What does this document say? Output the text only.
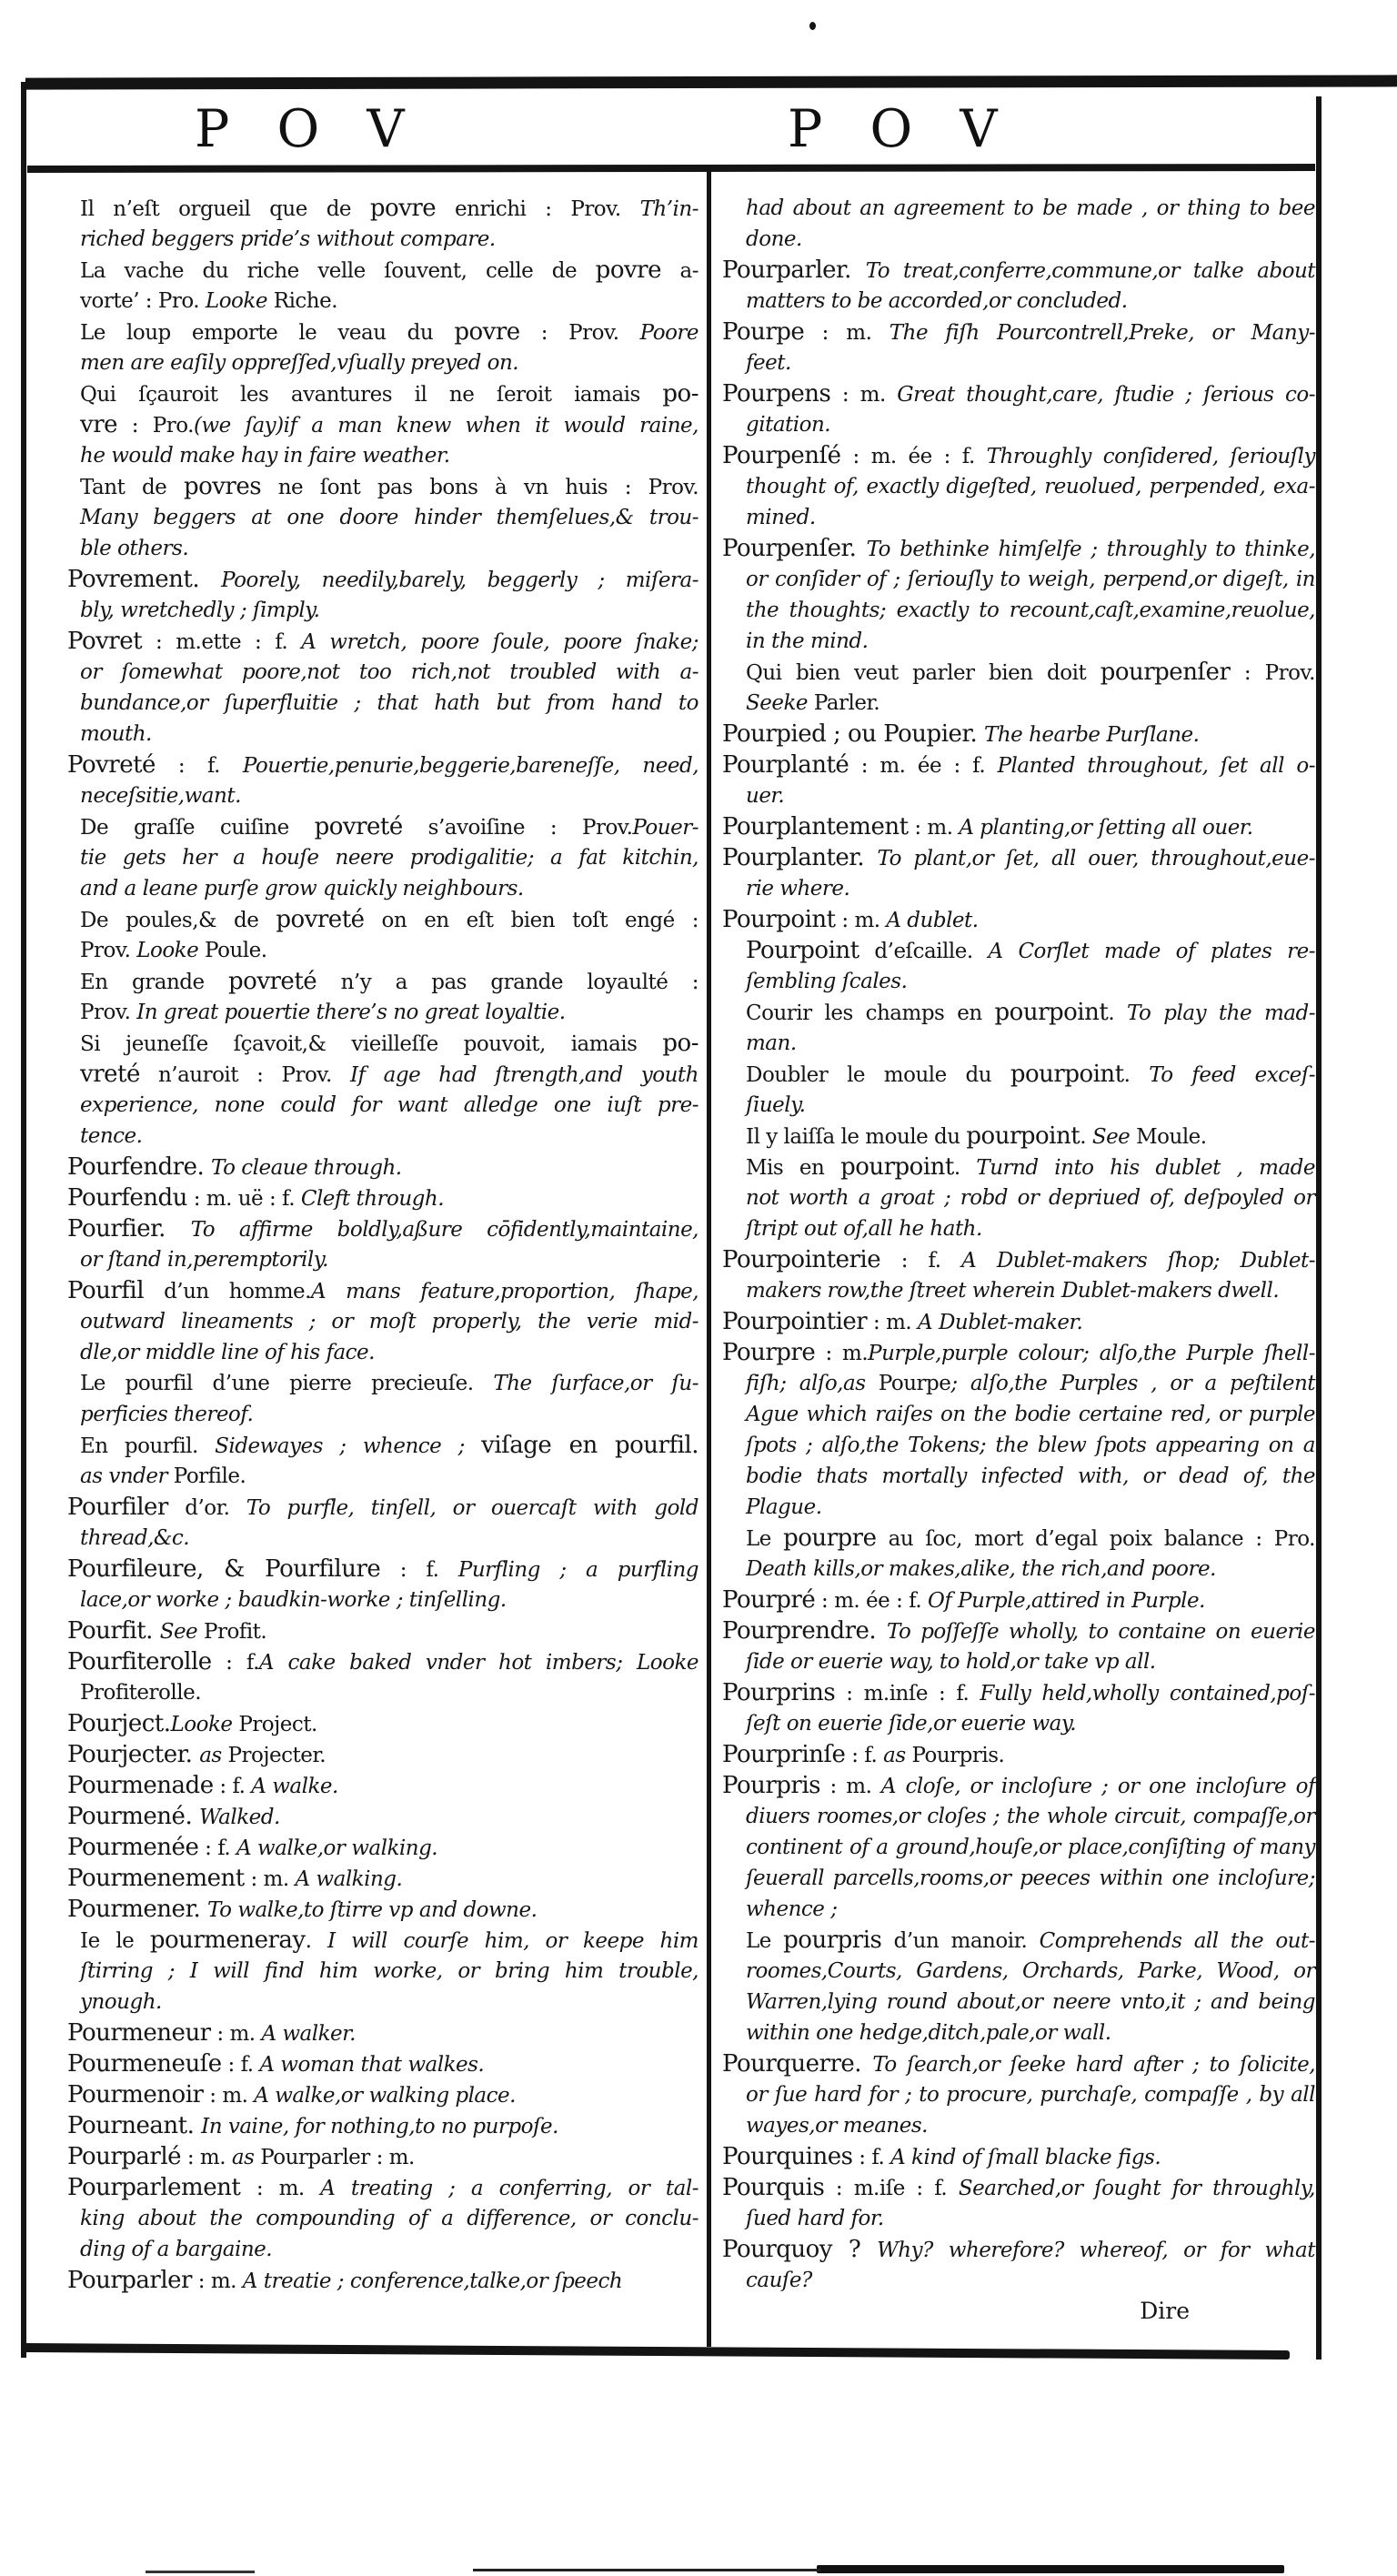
P O V	P O V
Il n’eſt orgueil que de povre enrichi : Prov. Th’in-
riched beggers pride’s without compare.
La vache du riche velle ſouvent, celle de povre a-
vorte’ : Pro. Looke Riche.
Le loup emporte le veau du povre : Prov. Poore
men are eaſily oppreſſed,vſually preyed on.
Qui ſçauroit les avantures il ne ſeroit iamais po-
vre : Pro.(we ſay)if a man knew when it would raine,
he would make hay in faire weather.
Tant de povres ne ſont pas bons à vn huis : Prov.
Many beggers at one doore hinder themſelues,& trou-
ble others.
Povrement. Poorely, needily,barely, beggerly ; miſera-
bly, wretchedly ; ſimply.
Povret : m.ette : f. A wretch, poore ſoule, poore ſnake;
or ſomewhat poore,not too rich,not troubled with a-
bundance,or ſuperfluitie ; that hath but from hand to
mouth.
Povreté : f. Pouertie,penurie,beggerie,bareneſſe, need,
neceſsitie,want.
De graſſe cuiſine povreté s’avoiſine : Prov.Pouer-
tie gets her a houſe neere prodigalitie; a fat kitchin,
and a leane purſe grow quickly neighbours.
De poules,& de povreté on en eſt bien toſt engé :
Prov. Looke Poule.
En grande povreté n’y a pas grande loyaulté :
Prov. In great pouertie there’s no great loyaltie.
Si jeuneſſe ſçavoit,& vieilleſſe pouvoit, iamais po-
vreté n’auroit : Prov. If age had ſtrength,and youth
experience, none could for want alledge one iuſt pre-
tence.
Pourfendre. To cleaue through.
Pourfendu : m. uë : f. Cleft through.
Pourfier. To affirme boldly,aßure cōfidently,maintaine,
or ſtand in,peremptorily.
Pourfil d’un homme.A mans feature,proportion, ſhape,
outward lineaments ; or moſt properly, the verie mid-
dle,or middle line of his face.
Le pourfil d’une pierre precieuſe. The ſurface,or ſu-
perficies thereof.
En pourfil. Sidewayes ; whence ; viſage en pourfil.
as vnder Porfile.
Pourfiler d’or. To purfle, tinſell, or ouercaſt with gold
thread,&c.
Pourfileure, & Pourfilure : f. Purfling ; a purfling
lace,or worke ; baudkin-worke ; tinſelling.
Pourfit. See Profit.
Pourfiterolle : f.A cake baked vnder hot imbers; Looke
Profiterolle.
Pourject.Looke Project.
Pourjecter. as Projecter.
Pourmenade : f. A walke.
Pourmené. Walked.
Pourmenée : f. A walke,or walking.
Pourmenement : m. A walking.
Pourmener. To walke,to ſtirre vp and downe.
Ie le pourmeneray. I will courſe him, or keepe him
ſtirring ; I will find him worke, or bring him trouble,
ynough.
Pourmeneur : m. A walker.
Pourmeneuſe : f. A woman that walkes.
Pourmenoir : m. A walke,or walking place.
Pourneant. In vaine, for nothing,to no purpoſe.
Pourparlé : m. as Pourparler : m.
Pourparlement : m. A treating ; a conferring, or tal-
king about the compounding of a difference, or conclu-
ding of a bargaine.
Pourparler : m. A treatie ; conference,talke,or ſpeech
had about an agreement to be made , or thing to bee
done.
Pourparler. To treat,conferre,commune,or talke about
matters to be accorded,or concluded.
Pourpe : m. The fiſh Pourcontrell,Preke, or Many-
feet.
Pourpens : m. Great thought,care, ſtudie ; ſerious co-
gitation.
Pourpenſé : m. ée : f. Throughly conſidered, ſeriouſly
thought of, exactly digeſted, reuolued, perpended, exa-
mined.
Pourpenſer. To bethinke himſelfe ; throughly to thinke,
or conſider of ; ſeriouſly to weigh, perpend,or digeſt, in
the thoughts; exactly to recount,caſt,examine,reuolue,
in the mind.
Qui bien veut parler bien doit pourpenſer : Prov.
Seeke Parler.
Pourpied ; ou Poupier. The hearbe Purſlane.
Pourplanté : m. ée : f. Planted throughout, ſet all o-
uer.
Pourplantement : m. A planting,or ſetting all ouer.
Pourplanter. To plant,or ſet, all ouer, throughout,eue-
rie where.
Pourpoint : m. A dublet.
Pourpoint d’eſcaille. A Corſlet made of plates re-
ſembling ſcales.
Courir les champs en pourpoint. To play the mad-
man.
Doubler le moule du pourpoint. To feed exceſ-
ſiuely.
Il y laiſſa le moule du pourpoint. See Moule.
Mis en pourpoint. Turnd into his dublet , made
not worth a groat ; robd or depriued of, deſpoyled or
ſtript out of,all he hath.
Pourpointerie : f. A Dublet-makers ſhop; Dublet-
makers row,the ſtreet wherein Dublet-makers dwell.
Pourpointier : m. A Dublet-maker.
Pourpre : m.Purple,purple colour; alſo,the Purple ſhell-
fiſh; alſo,as Pourpe; alſo,the Purples , or a peſtilent
Ague which raiſes on the bodie certaine red, or purple
ſpots ; alſo,the Tokens; the blew ſpots appearing on a
bodie thats mortally infected with, or dead of, the
Plague.
Le pourpre au ſoc, mort d’egal poix balance : Pro.
Death kills,or makes,alike, the rich,and poore.
Pourpré : m. ée : f. Of Purple,attired in Purple.
Pourprendre. To poſſeſſe wholly, to containe on euerie
ſide or euerie way, to hold,or take vp all.
Pourprins : m.inſe : f. Fully held,wholly contained,poſ-
ſeſt on euerie ſide,or euerie way.
Pourprinſe : f. as Pourpris.
Pourpris : m. A cloſe, or incloſure ; or one incloſure of
diuers roomes,or cloſes ; the whole circuit, compaſſe,or
continent of a ground,houſe,or place,conſiſting of many
ſeuerall parcells,rooms,or peeces within one incloſure;
whence ;
Le pourpris d’un manoir. Comprehends all the out-
roomes,Courts, Gardens, Orchards, Parke, Wood, or
Warren,lying round about,or neere vnto,it ; and being
within one hedge,ditch,pale,or wall.
Pourquerre. To ſearch,or ſeeke hard after ; to ſolicite,
or ſue hard for ; to procure, purchaſe, compaſſe , by all
wayes,or meanes.
Pourquines : f. A kind of ſmall blacke figs.
Pourquis : m.iſe : f. Searched,or ſought for throughly,
ſued hard for.
Pourquoy ? Why? wherefore? whereof, or for what
cauſe?
Dire
